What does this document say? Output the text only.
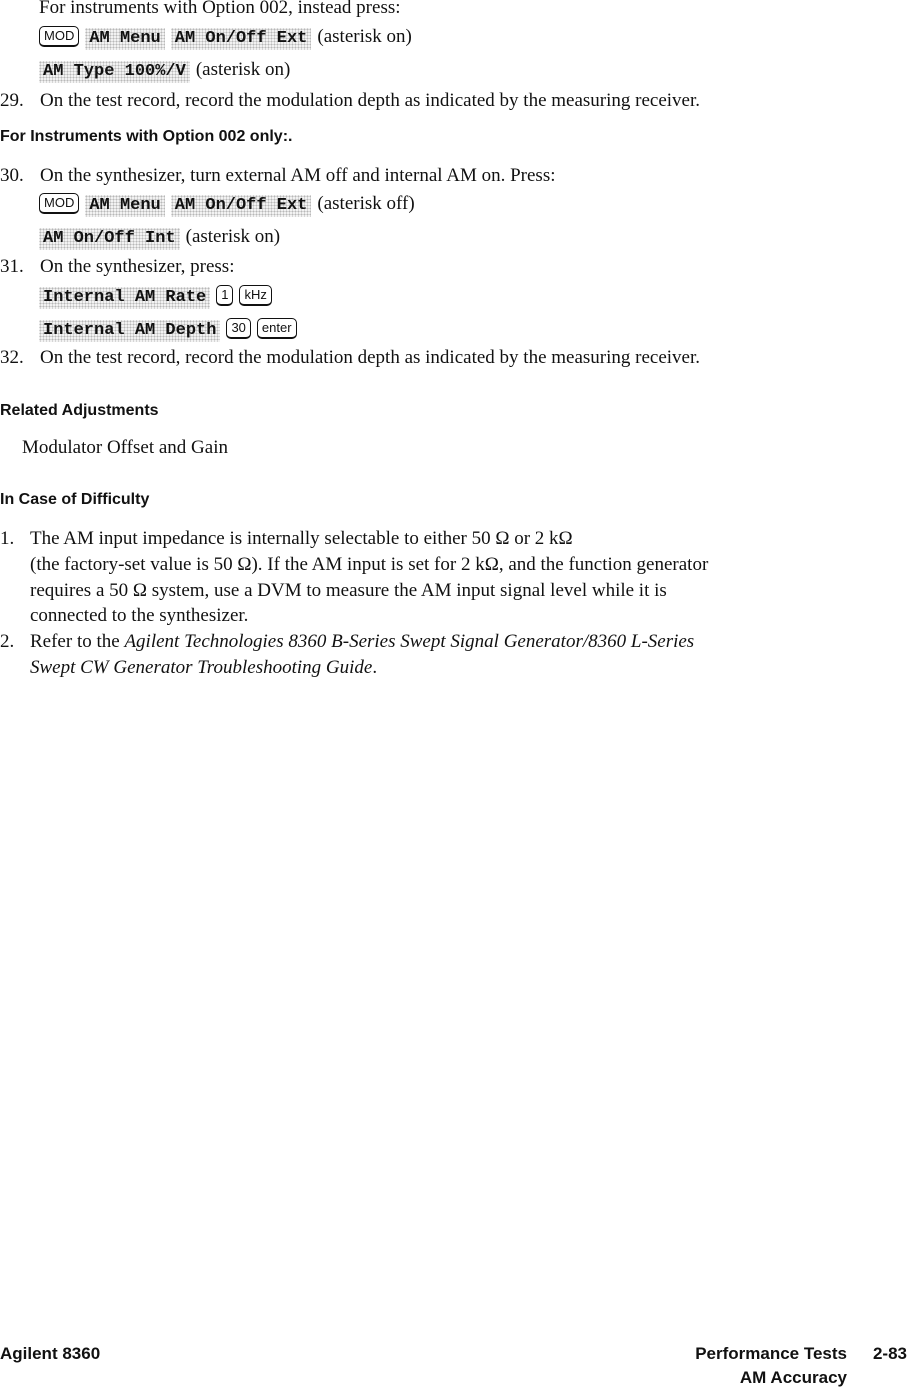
For instruments with Option 002, instead press:
MOD AM Menu AM On/Off Ext (asterisk on)
AM Type 100%/V (asterisk on)
29. On the test record, record the modulation depth as indicated by the measuring receiver.
For Instruments with Option 002 only:.
30. On the synthesizer, turn external AM off and internal AM on. Press:
MOD AM Menu AM On/Off Ext (asterisk off)
AM On/Off Int (asterisk on)
31. On the synthesizer, press:
Internal AM Rate 1 kHz
Internal AM Depth 30 enter
32. On the test record, record the modulation depth as indicated by the measuring receiver.
Related Adjustments
Modulator Offset and Gain
In Case of Difficulty
1. The AM input impedance is internally selectable to either 50 Ω or 2 kΩ
(the factory-set value is 50 Ω). If the AM input is set for 2 kΩ, and the function generator
requires a 50 Ω system, use a DVM to measure the AM input signal level while it is
connected to the synthesizer.
2. Refer to the Agilent Technologies 8360 B-Series Swept Signal Generator/8360 L-Series
Swept CW Generator Troubleshooting Guide.
Agilent 8360	Performance Tests 2-83
AM Accuracy
